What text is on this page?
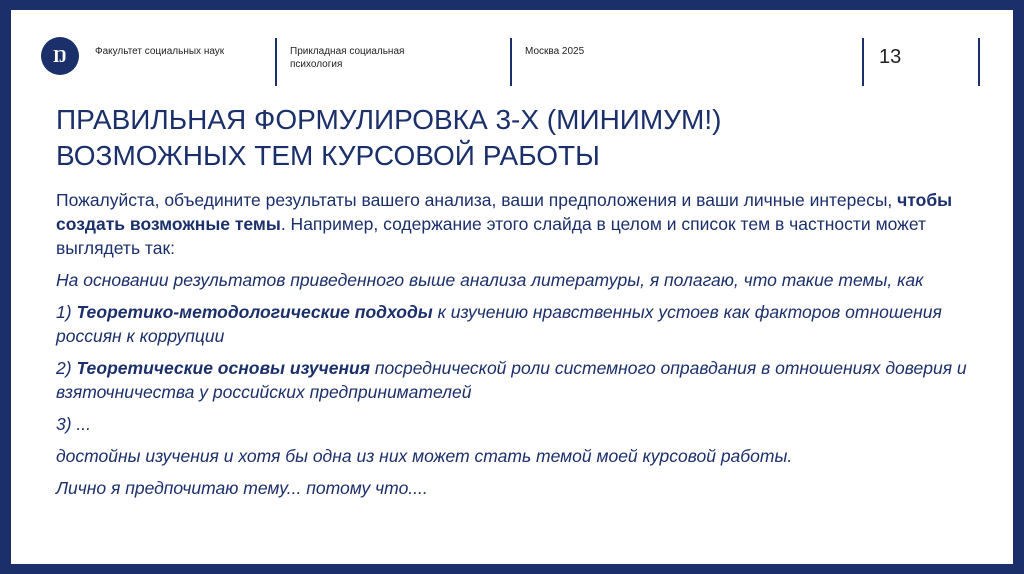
Ŋ	Факультет социальных наук	Прикладная социальная
психология
Москва 2025	13
ПРАВИЛЬНАЯ ФОРМУЛИРОВКА 3-Х (МИНИМУМ!)
ВОЗМОЖНЫХ ТЕМ КУРСОВОЙ РАБОТЫ

Пожалуйста, объедините результаты вашего анализа, ваши предположения и ваши личные интересы, чтобы создать возможные темы. Например, содержание этого слайда в целом и список тем в частности может выглядеть так:

На основании результатов приведенного выше анализа литературы, я полагаю, что такие темы, как

1) Теоретико-методологические подходы к изучению нравственных устоев как факторов отношения россиян к коррупции

2) Теоретические основы изучения посреднической роли системного оправдания в отношениях доверия и взяточничества у российских предпринимателей

3) ...

достойны изучения и хотя бы одна из них может стать темой моей курсовой работы.

Лично я предпочитаю тему... потому что....
